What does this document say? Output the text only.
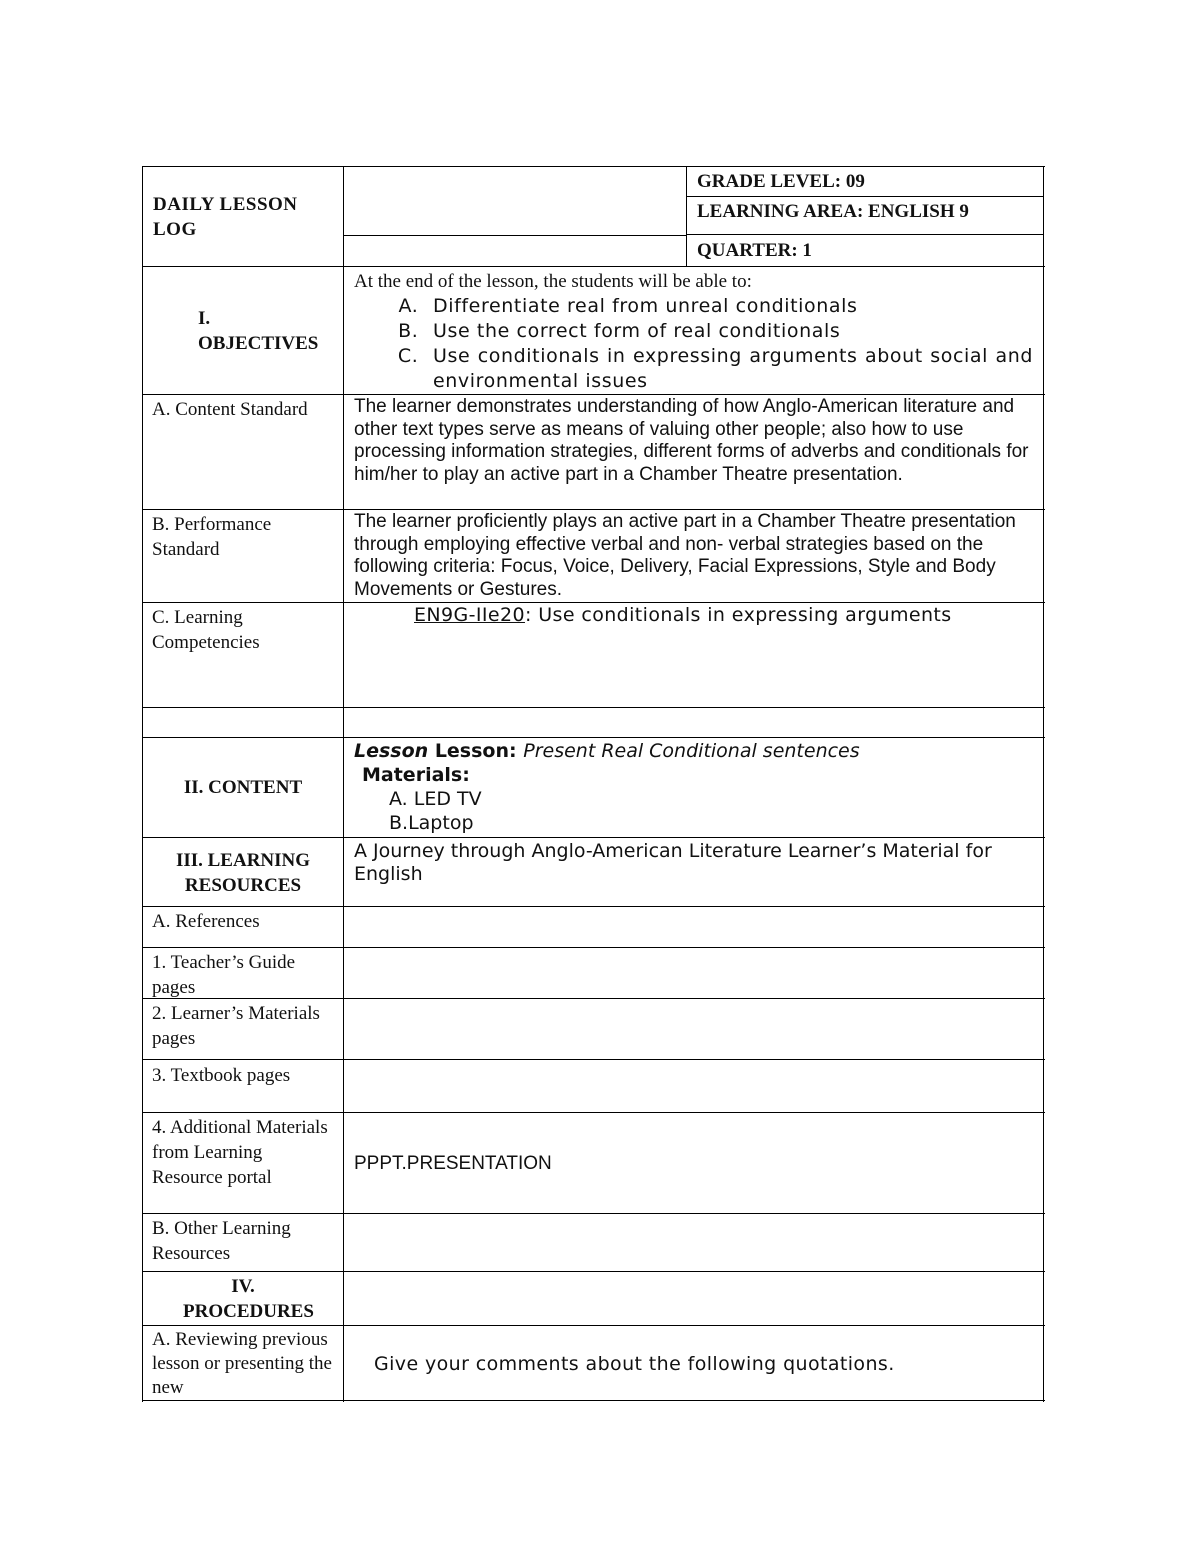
DAILY LESSON LOG
GRADE LEVEL: 09
LEARNING AREA: ENGLISH 9
QUARTER: 1
I. OBJECTIVES
At the end of the lesson, the students will be able to:
A. Differentiate real from unreal conditionals
B. Use the correct form of real conditionals
C. Use conditionals in expressing arguments about social and environmental issues
A. Content Standard	The learner demonstrates understanding of how Anglo-American literature and other text types serve as means of valuing other people; also how to use processing information strategies, different forms of adverbs and conditionals for him/her to play an active part in a Chamber Theatre presentation.
B. Performance Standard
The learner proficiently plays an active part in a Chamber Theatre presentation through employing effective verbal and non- verbal strategies based on the following criteria: Focus, Voice, Delivery, Facial Expressions, Style and Body Movements or Gestures.
C. Learning Competencies
EN9G-IIe20: Use conditionals in expressing arguments
II. CONTENT
Lesson Lesson: Present Real Conditional sentences
Materials:
A. LED TV
B.Laptop
III. LEARNING RESOURCES
A Journey through Anglo-American Literature Learner’s Material for English
A. References
1. Teacher’s Guide pages
2. Learner’s Materials pages
3. Textbook pages
4. Additional Materials from Learning Resource portal
PPPT.PRESENTATION
B. Other Learning Resources
IV. PROCEDURES
A. Reviewing previous lesson or presenting the new
Give your comments about the following quotations.
